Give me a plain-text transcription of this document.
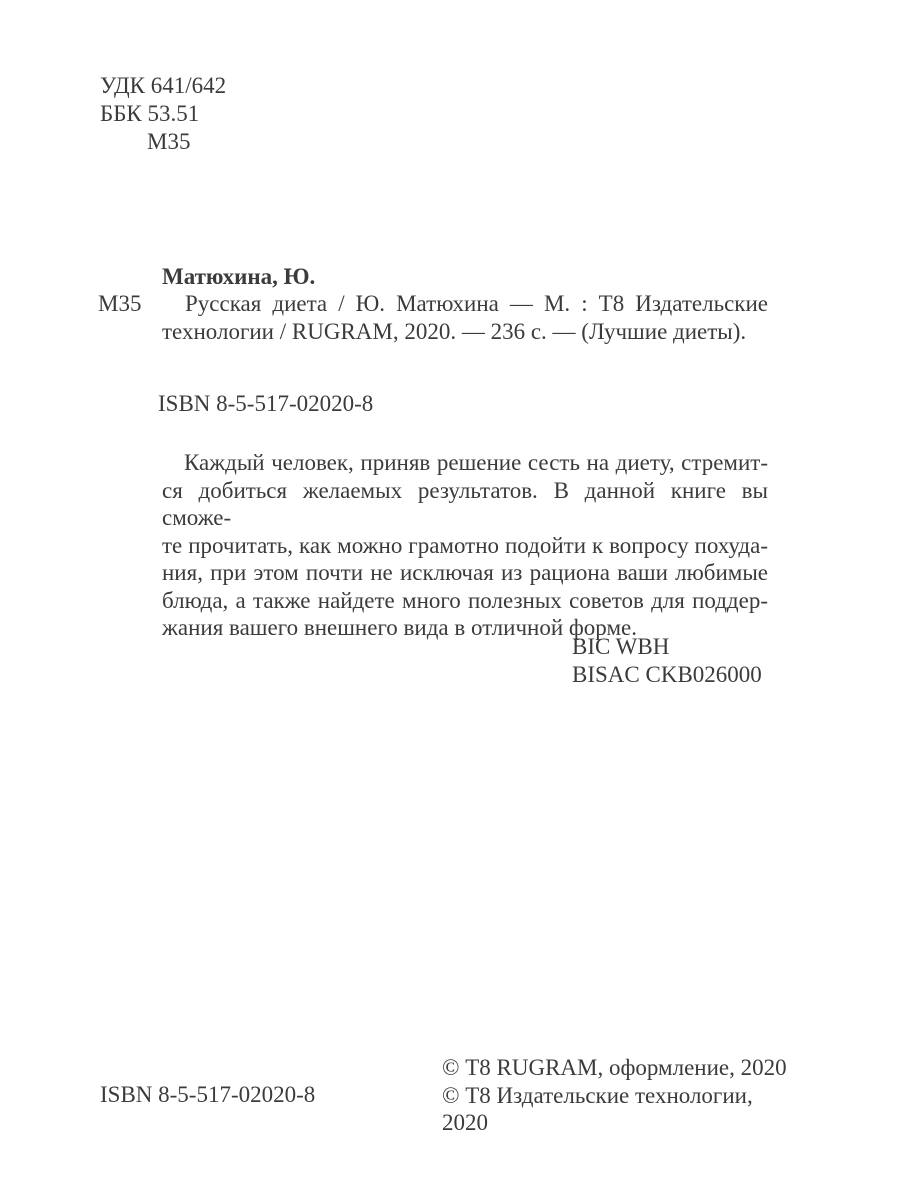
УДК 641/642
ББК 53.51
М35
Матюхина, Ю.
М35	Русская диета / Ю. Матюхина — М. : Т8 Издательские
технологии / RUGRAM, 2020. — 236 с. — (Лучшие диеты).
ISBN 8-5-517-02020-8
Каждый человек, приняв решение сесть на диету, стремит-
ся добиться желаемых результатов. В данной книге вы сможе-
те прочитать, как можно грамотно подойти к вопросу похуда-
ния, при этом почти не исключая из рациона ваши любимые
блюда, а также найдете много полезных советов для поддер-
жания вашего внешнего вида в отличной форме.
BIC WBH
BISAC CKB026000
ISBN 8-5-517-02020-8
© Т8 RUGRAM, оформление, 2020
© Т8 Издательские технологии, 2020
